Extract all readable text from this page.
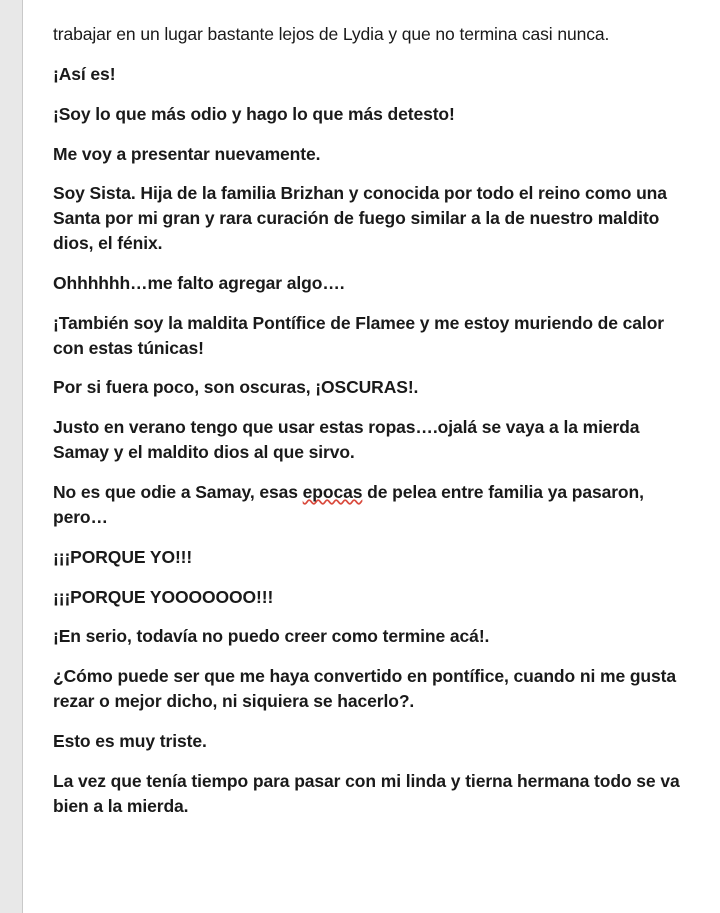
trabajar en un lugar bastante lejos de Lydia y que no termina casi nunca.

¡Así es!

¡Soy lo que más odio y hago lo que más detesto!

Me voy a presentar nuevamente.

Soy Sista. Hija de la familia Brizhan y conocida por todo el reino como una Santa por mi gran y rara curación de fuego similar a la de nuestro maldito dios, el fénix.

Ohhhhhh…me falto agregar algo….

¡También soy la maldita Pontífice de Flamee y me estoy muriendo de calor con estas túnicas!

Por si fuera poco, son oscuras, ¡OSCURAS!.

Justo en verano tengo que usar estas ropas….ojalá se vaya a la mierda Samay y el maldito dios al que sirvo.

No es que odie a Samay, esas epocas de pelea entre familia ya pasaron, pero…

¡¡¡PORQUE YO!!!

¡¡¡PORQUE YOOOOOOO!!!

¡En serio, todavía no puedo creer como termine acá!.

¿Cómo puede ser que me haya convertido en pontífice, cuando ni me gusta rezar o mejor dicho, ni siquiera se hacerlo?.

Esto es muy triste.

La vez que tenía tiempo para pasar con mi linda y tierna hermana todo se va bien a la mierda.
